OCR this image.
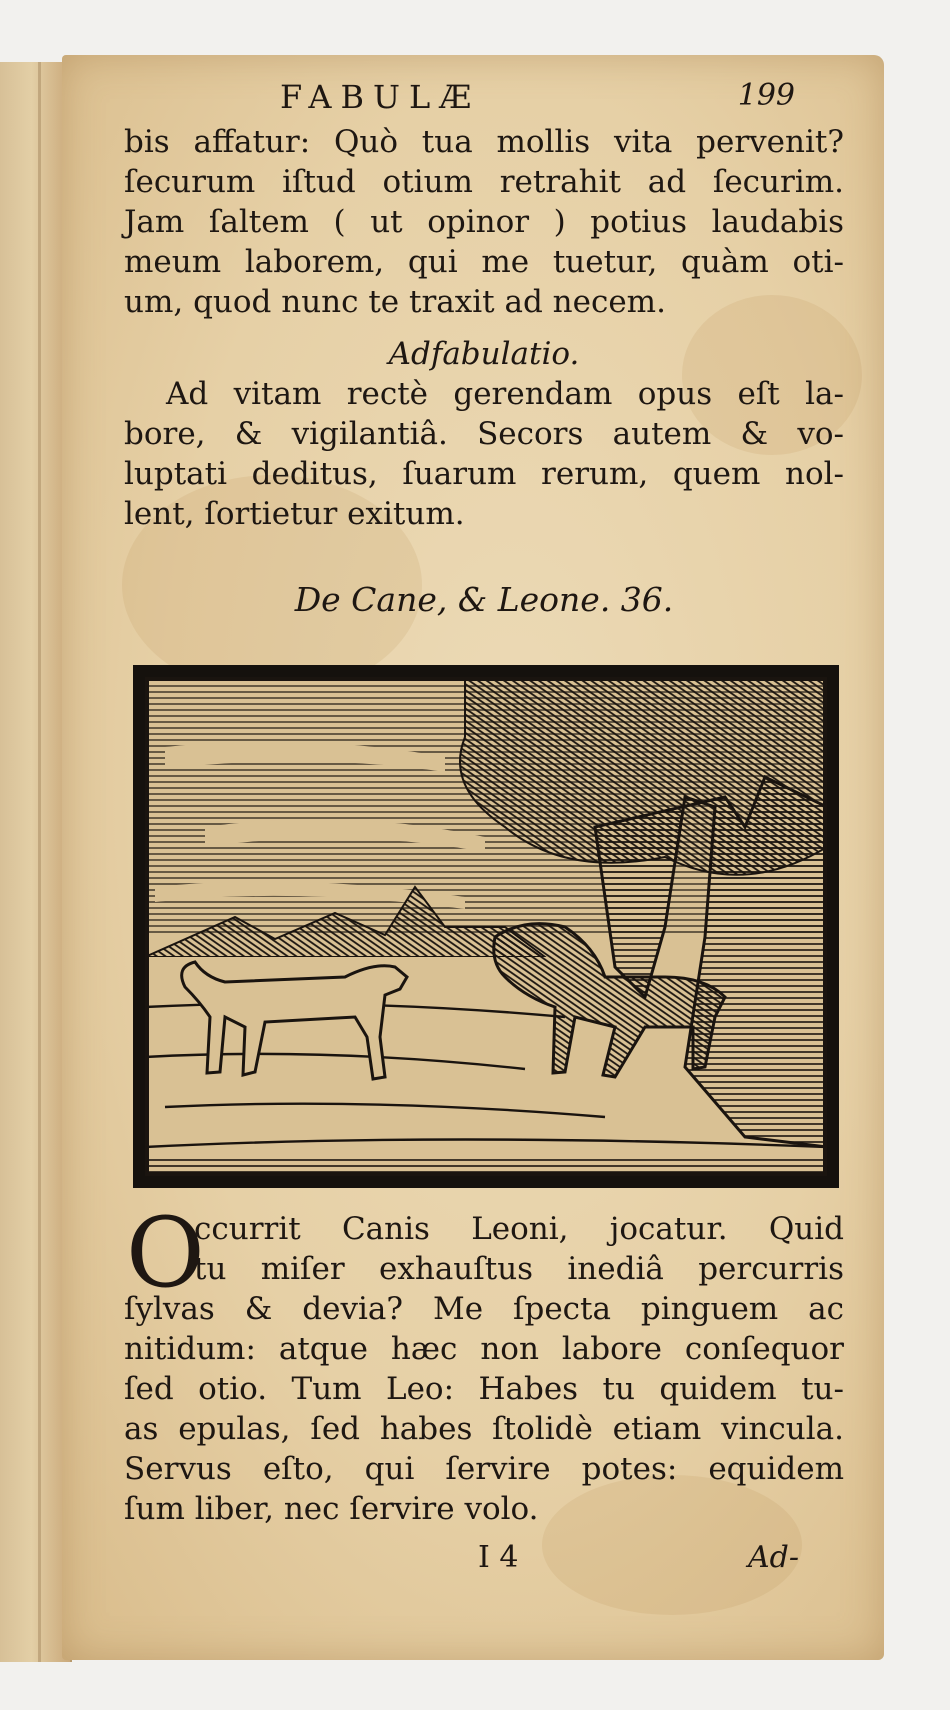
FABULÆ	199
bis affatur: Quò tua mollis vita pervenit?
ſecurum iſtud otium retrahit ad ſecurim.
Jam ſaltem ( ut opinor ) potius laudabis
meum laborem, qui me tuetur, quàm oti-
um, quod nunc te traxit ad necem.
Adfabulatio.
Ad vitam rectè gerendam opus eſt la-
bore, & vigilantiâ. Secors autem & vo-
luptati deditus, ſuarum rerum, quem nol-
lent, ſortietur exitum.
De Cane, & Leone. 36.
O
ccurrit Canis Leoni, jocatur. Quid
tu miſer exhauſtus inediâ percurris
ſylvas & devia? Me ſpecta pinguem ac
nitidum: atque hæc non labore conſequor
ſed otio. Tum Leo: Habes tu quidem tu-
as epulas, ſed habes ſtolidè etiam vincula.
Servus eſto, qui ſervire potes: equidem
ſum liber, nec ſervire volo.
I 4	Ad-
